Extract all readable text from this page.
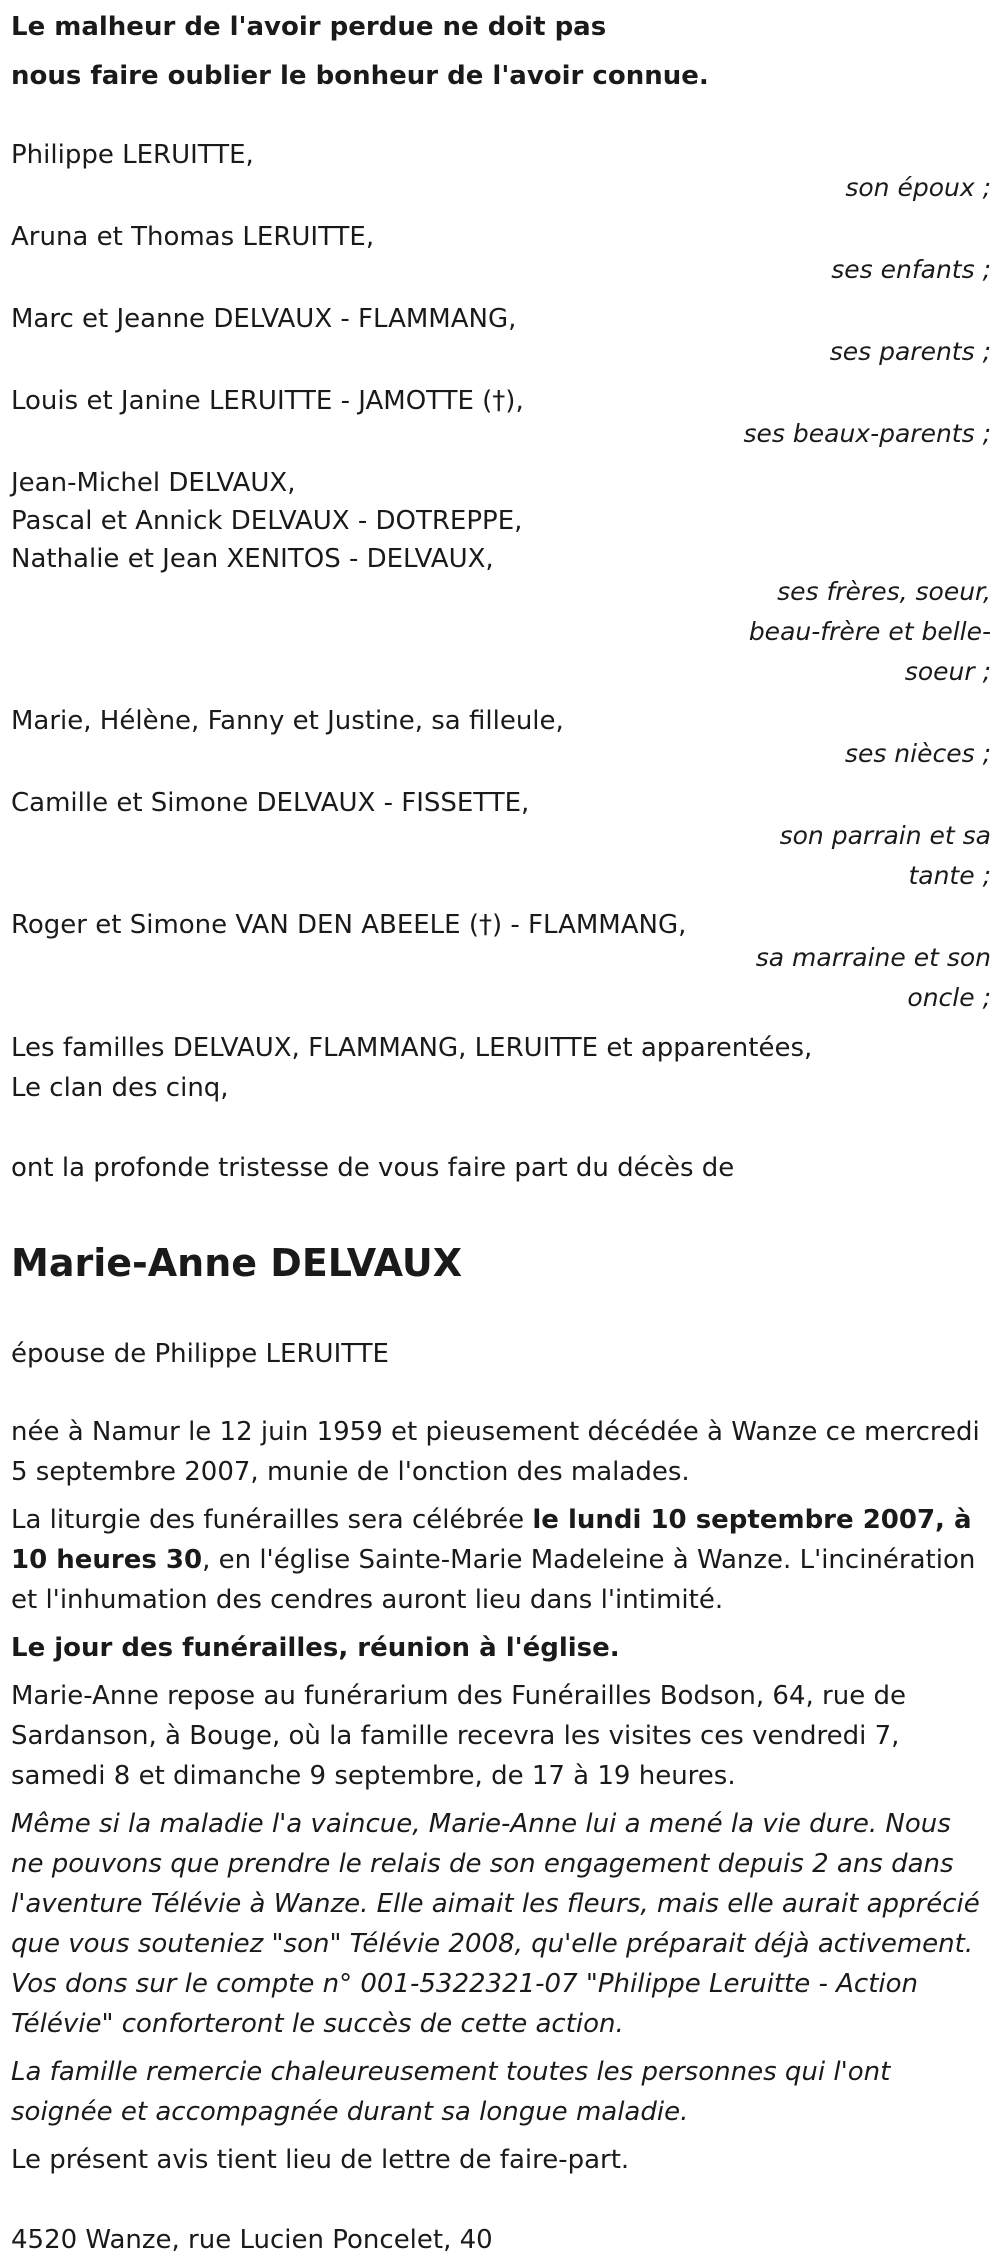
Le malheur de l'avoir perdue ne doit pas
nous faire oublier le bonheur de l'avoir connue.
Philippe LERUITTE,
son époux ;
Aruna et Thomas LERUITTE,
ses enfants ;
Marc et Jeanne DELVAUX - FLAMMANG,
ses parents ;
Louis et Janine LERUITTE - JAMOTTE (†),
ses beaux-parents ;
Jean-Michel DELVAUX,
Pascal et Annick DELVAUX - DOTREPPE,
Nathalie et Jean XENITOS - DELVAUX,
ses frères, soeur, beau-frère et belle-soeur ;
Marie, Hélène, Fanny et Justine, sa filleule,
ses nièces ;
Camille et Simone DELVAUX - FISSETTE,
son parrain et sa tante ;
Roger et Simone VAN DEN ABEELE (†) - FLAMMANG,
sa marraine et son oncle ;
Les familles DELVAUX, FLAMMANG, LERUITTE et apparentées,
Le clan des cinq,
ont la profonde tristesse de vous faire part du décès de
Marie-Anne DELVAUX
épouse de Philippe LERUITTE

née à Namur le 12 juin 1959 et pieusement décédée à Wanze ce mercredi 5 septembre 2007, munie de l'onction des malades.

La liturgie des funérailles sera célébrée le lundi 10 septembre 2007, à 10 heures 30, en l'église Sainte-Marie Madeleine à Wanze. L'incinération et l'inhumation des cendres auront lieu dans l'intimité.

Le jour des funérailles, réunion à l'église.

Marie-Anne repose au funérarium des Funérailles Bodson, 64, rue de Sardanson, à Bouge, où la famille recevra les visites ces vendredi 7, samedi 8 et dimanche 9 septembre, de 17 à 19 heures.

Même si la maladie l'a vaincue, Marie-Anne lui a mené la vie dure. Nous ne pouvons que prendre le relais de son engagement depuis 2 ans dans l'aventure Télévie à Wanze. Elle aimait les fleurs, mais elle aurait apprécié que vous souteniez "son" Télévie 2008, qu'elle préparait déjà activement. Vos dons sur le compte n° 001-5322321-07 "Philippe Leruitte - Action Télévie" conforteront le succès de cette action.

La famille remercie chaleureusement toutes les personnes qui l'ont soignée et accompagnée durant sa longue maladie.

Le présent avis tient lieu de lettre de faire-part.

4520 Wanze, rue Lucien Poncelet, 40
